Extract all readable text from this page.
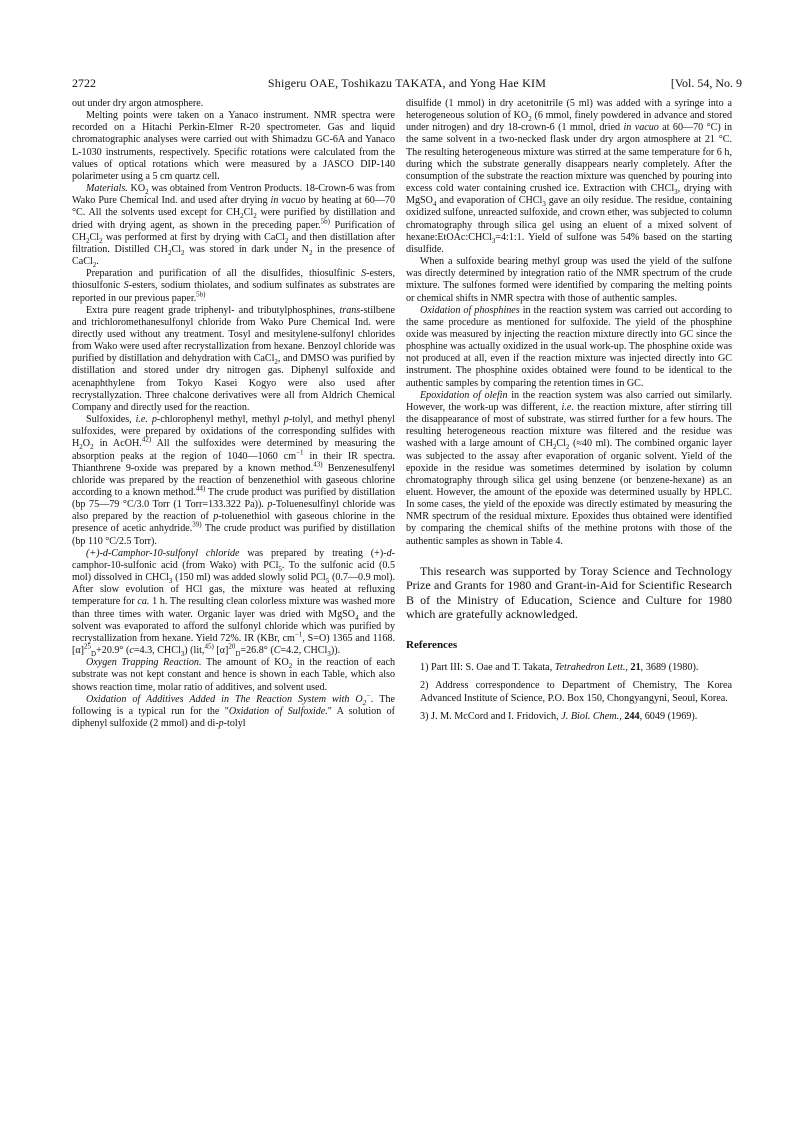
2722	Shigeru OAE, Toshikazu TAKATA, and Yong Hae KIM	[Vol. 54, No. 9

out under dry argon atmosphere.

Melting points were taken on a Yanaco instrument. NMR spectra were recorded on a Hitachi Perkin-Elmer R-20 spectrometer. Gas and liquid chromatographic analyses were carried out with Shimadzu GC-6A and Yanaco L-1030 instruments, respectively. Specific rotations were calculated from the values of optical rotations which were measured by a JASCO DIP-140 polarimeter using a 5 cm quartz cell.

Materials. $KO_2$ was obtained from Ventron Products. 18-Crown-6 was from Wako Pure Chemical Ind. and used after drying in vacuo by heating at 60—70 °C. All the solvents used except for $CH_2Cl_2$ were purified by distillation and dried with drying agent, as shown in the preceding paper.$^{5b)}$ Purification of $CH_2Cl_2$ was performed at first by drying with CaCl$_2$ and then distillation after filtration. Distilled $CH_2Cl_2$ was stored in dark under $N_2$ in the presence of CaCl$_2$.

Preparation and purification of all the disulfides, thiosulfinic S-esters, thiosulfonic S-esters, sodium thiolates, and sodium sulfinates as substrates are reported in our previous paper.$^{5b)}$

Extra pure reagent grade triphenyl- and tributylphosphines, trans-stilbene and trichloromethanesulfonyl chloride from Wako Pure Chemical Ind. were directly used without any treatment. Tosyl and mesitylene-sulfonyl chlorides from Wako were used after recrystallization from hexane. Benzoyl chloride was purified by distillation and dehydration with CaCl$_2$, and DMSO was purified by distillation and stored under dry nitrogen gas. Diphenyl sulfoxide and acenaphthylene from Tokyo Kasei Kogyo were also used after recrystallyzation. Three chalcone derivatives were all from Aldrich Chemical Company and directly used for the reaction.

Sulfoxides, i.e. p-chlorophenyl methyl, methyl p-tolyl, and methyl phenyl sulfoxides, were prepared by oxidations of the corresponding sulfides with $H_2O_2$ in AcOH.$^{42)}$ All the sulfoxides were determined by measuring the absorption peaks at the region of 1040—1060 $cm^{-1}$ in their IR spectra. Thianthrene 9-oxide was prepared by a known method.$^{43)}$ Benzenesulfenyl chloride was prepared by the reaction of benzenethiol with gaseous chlorine according to a known method.$^{44)}$ The crude product was purified by distillation (bp 75—79 °C/3.0 Torr (1 Torr=133.322 Pa)). p-Toluenesulfinyl chloride was also prepared by the reaction of p-toluenethiol with gaseous chlorine in the presence of acetic anhydride.$^{39)}$ The crude product was purified by distillation (bp 110 °C/2.5 Torr).

(+)-d-Camphor-10-sulfonyl chloride was prepared by treating (+)-d-camphor-10-sulfonic acid (from Wako) with PCl$_5$. To the sulfonic acid (0.5 mol) dissolved in CHCl$_3$ (150 ml) was added slowly solid PCl$_5$ (0.7—0.9 mol). After slow evolution of HCl gas, the mixture was heated at refluxing temperature for ca. 1 h. The resulting clean colorless mixture was washed more than three times with water. Organic layer was dried with MgSO$_4$ and the solvent was evaporated to afford the sulfonyl chloride which was purified by recrystallization from hexane. Yield 72%. IR (KBr, $cm^{-1}$, S=O) 1365 and 1168. $[\alpha]^{25}_D+20.9^\circ$ (c=4.3, CHCl$_3$) (lit,$^{45)}$ $[\alpha]^{20}_D=26.8^\circ$ (C=4.2, CHCl$_3$)).

Oxygen Trapping Reaction. The amount of $KO_2$ in the reaction of each substrate was not kept constant and hence is shown in each Table, which also shows reaction time, molar ratio of additives, and solvent used.

Oxidation of Additives Added in The Reaction System with $O_2^-$. The following is a typical run for the "Oxidation of Sulfoxide." A solution of diphenyl sulfoxide (2 mmol) and di-p-tolyl

disulfide (1 mmol) in dry acetonitrile (5 ml) was added with a syringe into a heterogeneous solution of $KO_2$ (6 mmol, finely powdered in advance and stored under nitrogen) and dry 18-crown-6 (1 mmol, dried in vacuo at 60—70 °C) in the same solvent in a two-necked flask under dry argon atmosphere at 21 °C. The resulting heterogeneous mixture was stirred at the same temperature for 6 h, during which the substrate generally disappears nearly completely. After the consumption of the substrate the reaction mixture was quenched by pouring into excess cold water containing crushed ice. Extraction with CHCl$_3$, drying with MgSO$_4$ and evaporation of CHCl$_3$ gave an oily residue. The residue, containing oxidized sulfone, unreacted sulfoxide, and crown ether, was subjected to column chromatography through silica gel using an eluent of a mixed solvent of hexane:EtOAc:CHCl$_3$=4:1:1. Yield of sulfone was 54% based on the starting disulfide.

When a sulfoxide bearing methyl group was used the yield of the sulfone was directly determined by integration ratio of the NMR spectrum of the crude mixture. The sulfones formed were identified by comparing the melting points or chemical shifts in NMR spectra with those of authentic samples.

Oxidation of phosphines in the reaction system was carried out according to the same procedure as mentioned for sulfoxide. The yield of the phosphine oxide was measured by injecting the reaction mixture directly into GC since the phosphine was actually oxidized in the usual work-up. The phosphine oxide was not produced at all, even if the reaction mixture was injected directly into GC instrument. The phosphine oxides obtained were found to be identical to the authentic samples by comparing the retention times in GC.

Epoxidation of olefin in the reaction system was also carried out similarly. However, the work-up was different, i.e. the reaction mixture, after stirring till the disappearance of most of substrate, was stirred further for a few hours. The resulting heterogeneous reaction mixture was filtered and the residue was washed with a large amount of $CH_2Cl_2$ (≈40 ml). The combined organic layer was subjected to the assay after evaporation of organic solvent. Yield of the epoxide in the residue was sometimes determined by isolation by column chromatography through silica gel using benzene (or benzene-hexane) as an eluent. However, the amount of the epoxide was determined usually by HPLC. In some cases, the yield of the epoxide was directly estimated by measuring the NMR spectrum of the residual mixture. Epoxides thus obtained were identified by comparing the chemical shifts of the methine protons with those of the authentic samples as shown in Table 4.

This research was supported by Toray Science and Technology Prize and Grants for 1980 and Grant-in-Aid for Scientific Research B of the Ministry of Education, Science and Culture for 1980 which are gratefully acknowledged.

References

1) Part III: S. Oae and T. Takata, Tetrahedron Lett., 21, 3689 (1980).

2) Address correspondence to Department of Chemistry, The Korea Advanced Institute of Science, P.O. Box 150, Chongyangyni, Seoul, Korea.

3) J. M. McCord and I. Fridovich, J. Biol. Chem., 244, 6049 (1969).
